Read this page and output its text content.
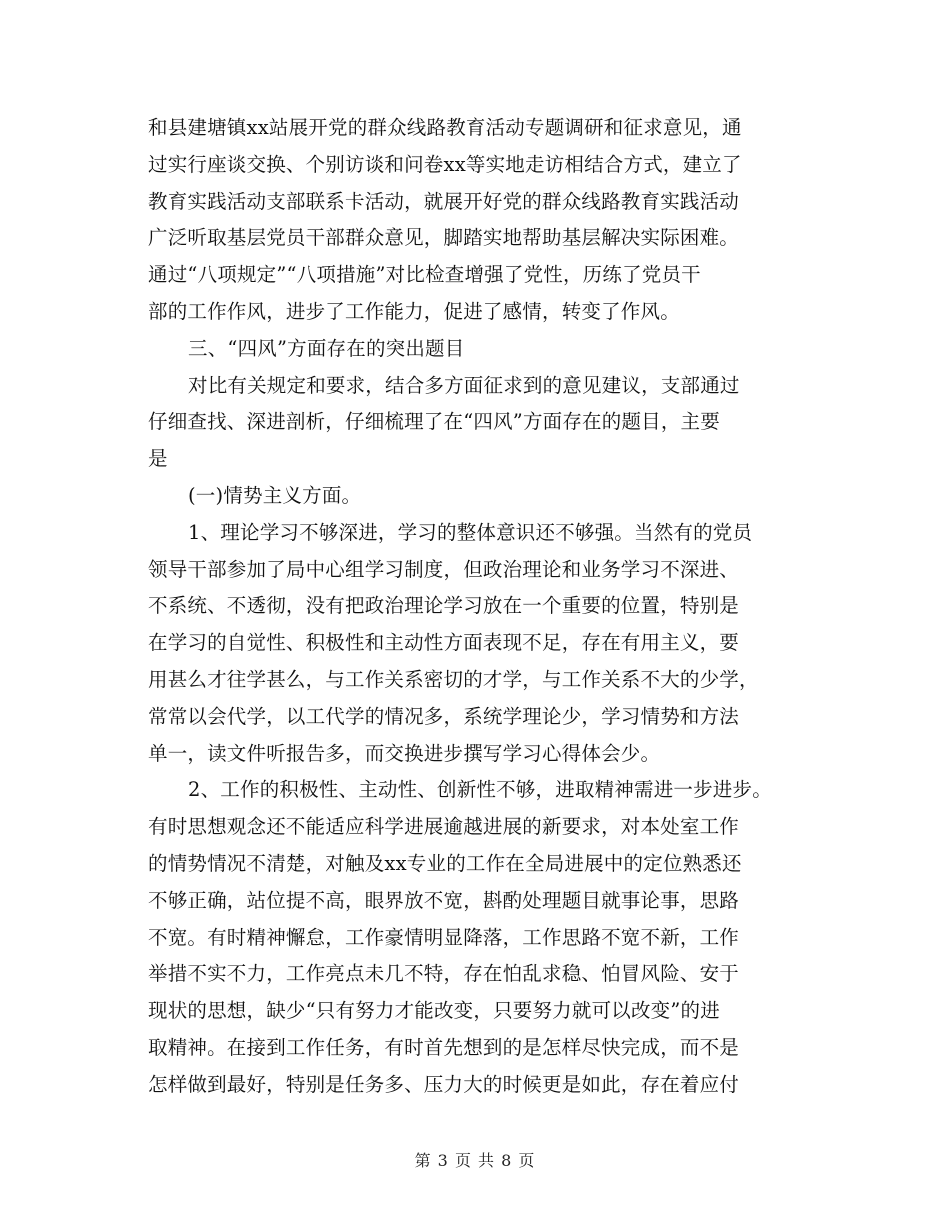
和县建塘镇xx站展开党的群众线路教育活动专题调研和征求意见，通
过实行座谈交换、个别访谈和问卷xx等实地走访相结合方式，建立了
教育实践活动支部联系卡活动，就展开好党的群众线路教育实践活动
广泛听取基层党员干部群众意见，脚踏实地帮助基层解决实际困难。
通过“八项规定”“八项措施”对比检查增强了党性，历练了党员干
部的工作作风，进步了工作能力，促进了感情，转变了作风。
三、“四风”方面存在的突出题目
对比有关规定和要求，结合多方面征求到的意见建议，支部通过
仔细查找、深进剖析，仔细梳理了在“四风”方面存在的题目，主要
是
(一)情势主义方面。
1、理论学习不够深进，学习的整体意识还不够强。当然有的党员
领导干部参加了局中心组学习制度，但政治理论和业务学习不深进、
不系统、不透彻，没有把政治理论学习放在一个重要的位置，特别是
在学习的自觉性、积极性和主动性方面表现不足，存在有用主义，要
用甚么才往学甚么，与工作关系密切的才学，与工作关系不大的少学，
常常以会代学，以工代学的情况多，系统学理论少，学习情势和方法
单一，读文件听报告多，而交换进步撰写学习心得体会少。
2、工作的积极性、主动性、创新性不够，进取精神需进一步进步。
有时思想观念还不能适应科学进展逾越进展的新要求，对本处室工作
的情势情况不清楚，对触及xx专业的工作在全局进展中的定位熟悉还
不够正确，站位提不高，眼界放不宽，斟酌处理题目就事论事，思路
不宽。有时精神懈怠，工作豪情明显降落，工作思路不宽不新，工作
举措不实不力，工作亮点未几不特，存在怕乱求稳、怕冒风险、安于
现状的思想，缺少“只有努力才能改变，只要努力就可以改变”的进
取精神。在接到工作任务，有时首先想到的是怎样尽快完成，而不是
怎样做到最好，特别是任务多、压力大的时候更是如此，存在着应付
第 3 页 共 8 页
